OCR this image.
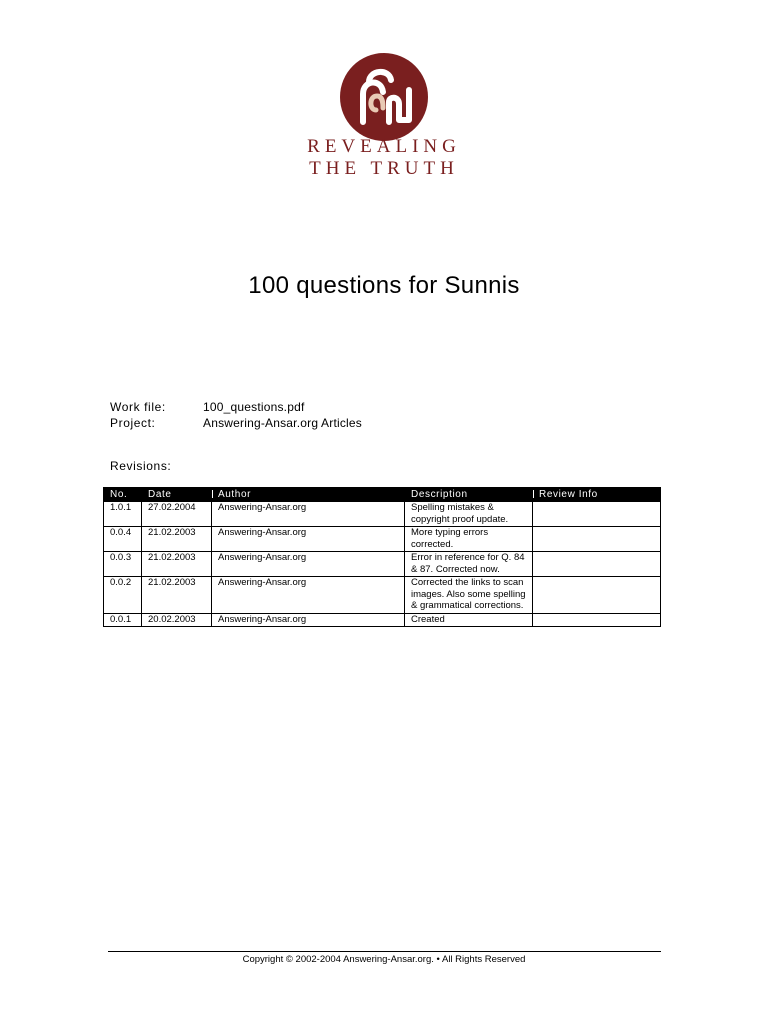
REVEALING
THE TRUTH
100 questions for Sunnis
Work file:	100_questions.pdf
Project:	Answering-Ansar.org Articles
Revisions:
No.	Date	Author	Description	Review Info
1.0.1	27.02.2004	Answering-Ansar.org	Spelling mistakes & copyright proof update.	
0.0.4	21.02.2003	Answering-Ansar.org	More typing errors corrected.	
0.0.3	21.02.2003	Answering-Ansar.org	Error in reference for Q. 84 & 87. Corrected now.	
0.0.2	21.02.2003	Answering-Ansar.org	Corrected the links to scan images. Also some spelling & grammatical corrections.	
0.0.1	20.02.2003	Answering-Ansar.org	Created	
Copyright © 2002-2004 Answering-Ansar.org. • All Rights Reserved
